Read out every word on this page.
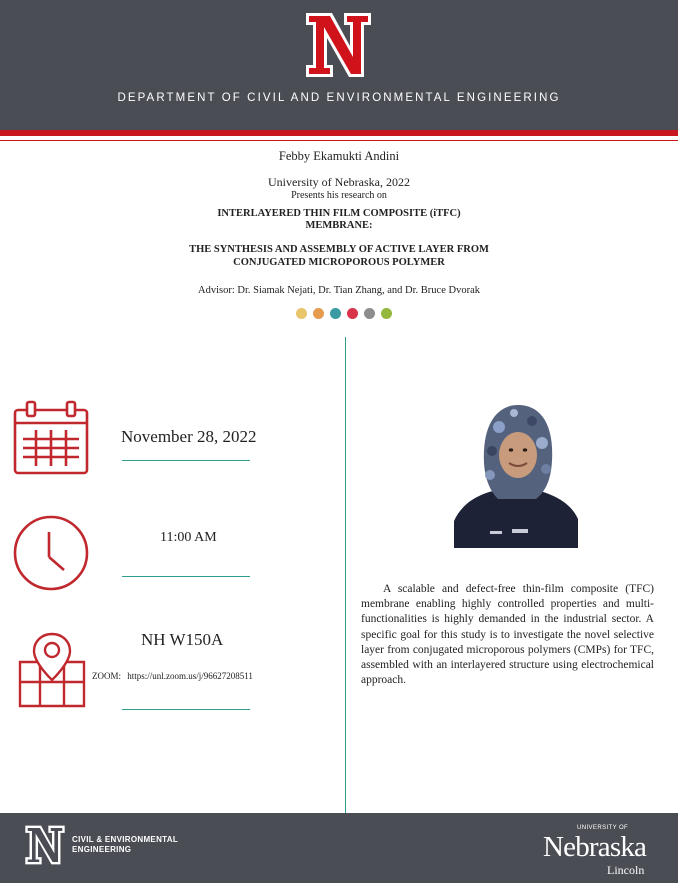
DEPARTMENT OF CIVIL AND ENVIRONMENTAL ENGINEERING
Febby Ekamukti Andini
University of Nebraska, 2022
Presents his research on
INTERLAYERED THIN FILM COMPOSITE (iTFC)
MEMBRANE:
THE SYNTHESIS AND ASSEMBLY OF ACTIVE LAYER FROM
CONJUGATED MICROPOROUS POLYMER
Advisor: Dr. Siamak Nejati, Dr. Tian Zhang, and Dr. Bruce Dvorak
November 28, 2022
11:00 AM
NH W150A
ZOOM: https://unl.zoom.us/j/96627208511
A scalable and defect-free thin-film composite (TFC) membrane enabling highly controlled properties and multi-functionalities is highly demanded in the industrial sector. A specific goal for this study is to investigate the novel selective layer from conjugated microporous polymers (CMPs) for TFC, assembled with an interlayered structure using electrochemical approach.
CIVIL & ENVIRONMENTAL
ENGINEERING
UNIVERSITY OF
Nebraska
Lincoln
